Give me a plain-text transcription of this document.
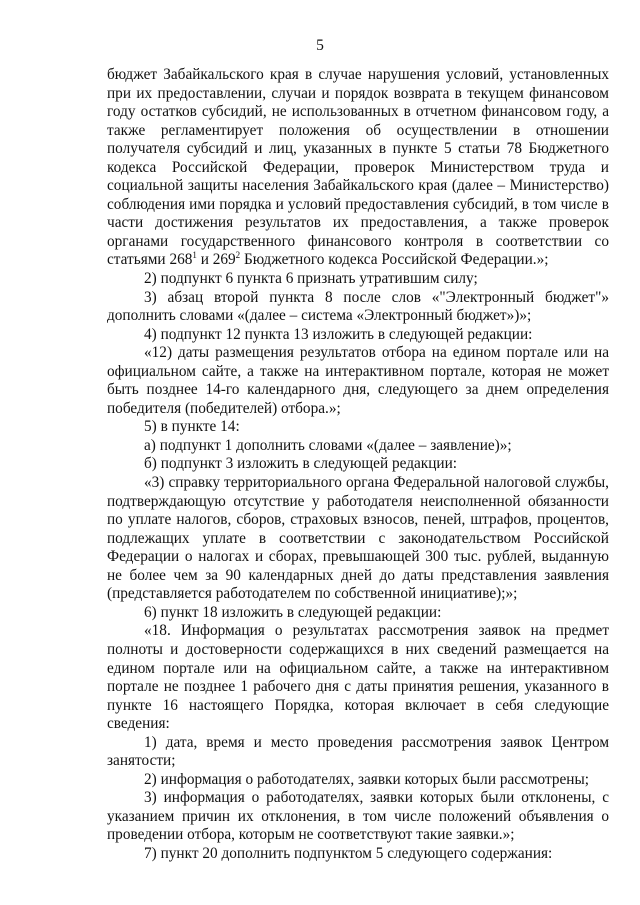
5

бюджет Забайкальского края в случае нарушения условий, установленных при их предоставлении, случаи и порядок возврата в текущем финансовом году остатков субсидий, не использованных в отчетном финансовом году, а также регламентирует положения об осуществлении в отношении получателя субсидий и лиц, указанных в пункте 5 статьи 78 Бюджетного кодекса Российской Федерации, проверок Министерством труда и социальной защиты населения Забайкальского края (далее – Министерство) соблюдения ими порядка и условий предоставления субсидий, в том числе в части достижения результатов их предоставления, а также проверок органами государственного финансового контроля в соответствии со статьями $268^1$ и $269^2$ Бюджетного кодекса Российской Федерации.»;

2) подпункт 6 пункта 6 признать утратившим силу;

3) абзац второй пункта 8 после слов «"Электронный бюджет"» дополнить словами «(далее – система «Электронный бюджет»)»;

4) подпункт 12 пункта 13 изложить в следующей редакции:

«12) даты размещения результатов отбора на едином портале или на официальном сайте, а также на интерактивном портале, которая не может быть позднее 14-го календарного дня, следующего за днем определения победителя (победителей) отбора.»;

5) в пункте 14:

а) подпункт 1 дополнить словами «(далее – заявление)»;

б) подпункт 3 изложить в следующей редакции:

«3) справку территориального органа Федеральной налоговой службы, подтверждающую отсутствие у работодателя неисполненной обязанности по уплате налогов, сборов, страховых взносов, пеней, штрафов, процентов, подлежащих уплате в соответствии с законодательством Российской Федерации о налогах и сборах, превышающей 300 тыс. рублей, выданную не более чем за 90 календарных дней до даты представления заявления (представляется работодателем по собственной инициативе);»;

6) пункт 18 изложить в следующей редакции:

«18. Информация о результатах рассмотрения заявок на предмет полноты и достоверности содержащихся в них сведений размещается на едином портале или на официальном сайте, а также на интерактивном портале не позднее 1 рабочего дня с даты принятия решения, указанного в пункте 16 настоящего Порядка, которая включает в себя следующие сведения:

1) дата, время и место проведения рассмотрения заявок Центром занятости;

2) информация о работодателях, заявки которых были рассмотрены;

3) информация о работодателях, заявки которых были отклонены, с указанием причин их отклонения, в том числе положений объявления о проведении отбора, которым не соответствуют такие заявки.»;

7) пункт 20 дополнить подпунктом 5 следующего содержания:
